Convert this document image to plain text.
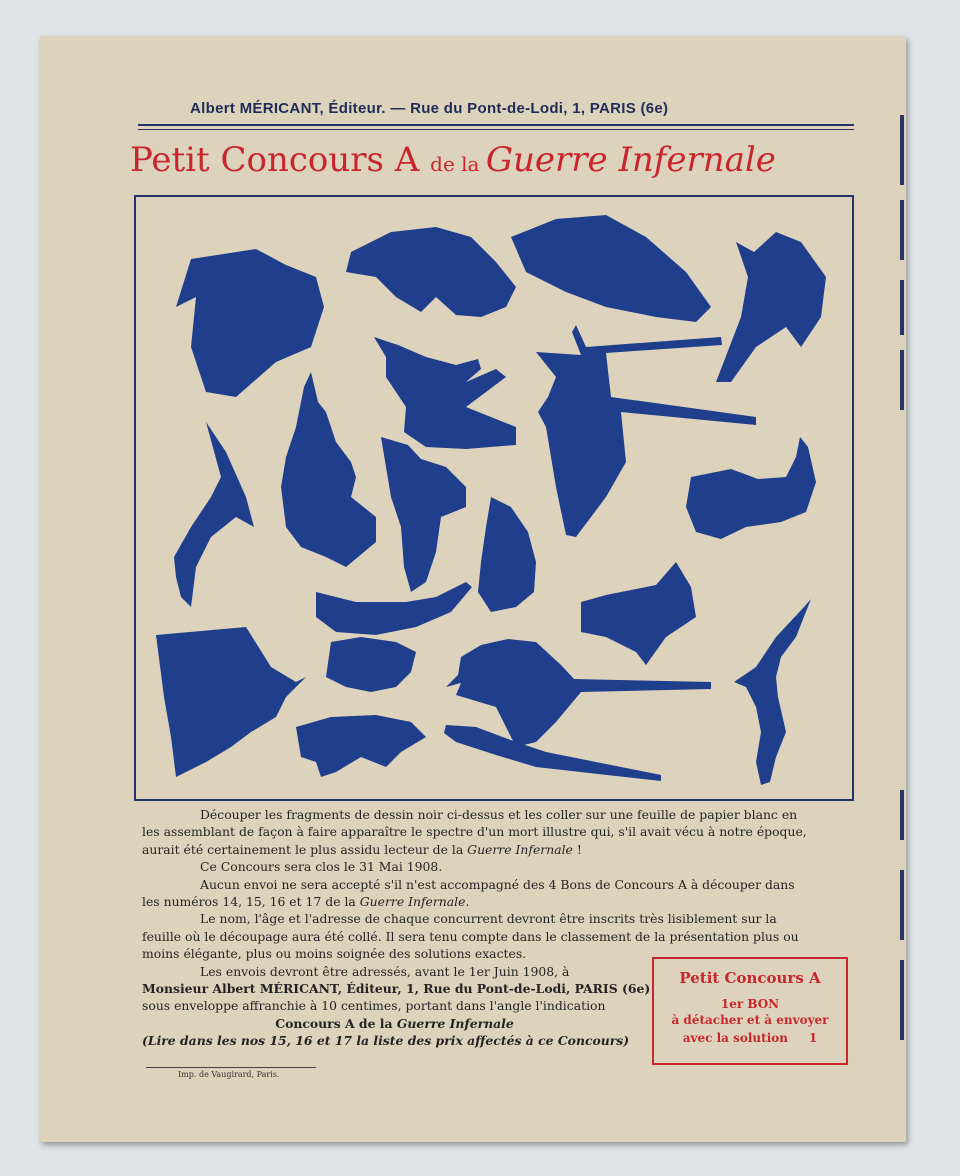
Albert MÉRICANT, Éditeur. — Rue du Pont-de-Lodi, 1, PARIS (6e)
Petit Concours A de la Guerre Infernale
Découper les fragments de dessin noir ci-dessus et les coller sur une feuille de papier blanc en
les assemblant de façon à faire apparaître le spectre d'un mort illustre qui, s'il avait vécu à notre époque,
aurait été certainement le plus assidu lecteur de la Guerre Infernale !
Ce Concours sera clos le 31 Mai 1908.
Aucun envoi ne sera accepté s'il n'est accompagné des 4 Bons de Concours A à découper dans
les numéros 14, 15, 16 et 17 de la Guerre Infernale.
Le nom, l'âge et l'adresse de chaque concurrent devront être inscrits très lisiblement sur la
feuille où le découpage aura été collé. Il sera tenu compte dans le classement de la présentation plus ou
moins élégante, plus ou moins soignée des solutions exactes.
Les envois devront être adressés, avant le 1er Juin 1908, à
Monsieur Albert MÉRICANT, Éditeur, 1, Rue du Pont-de-Lodi, PARIS (6e)
sous enveloppe affranchie à 10 centimes, portant dans l'angle l'indication
Concours A de la Guerre Infernale
(Lire dans les nos 15, 16 et 17 la liste des prix affectés à ce Concours)
Petit Concours A
1er BON
à détacher et à envoyer
avec la solution 1
Imp. de Vaugirard, Paris.
